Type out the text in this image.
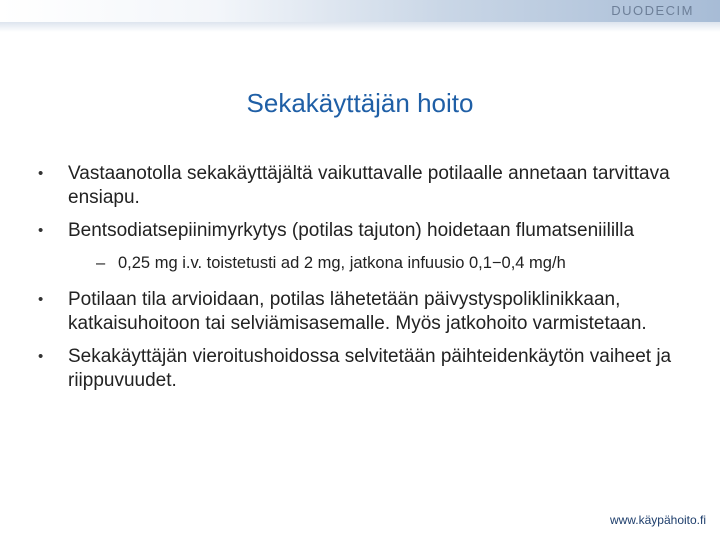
DUODECIM
Sekakäyttäjän hoito
• Vastaanotolla sekakäyttäjältä vaikuttavalle potilaalle annetaan tarvittava ensiapu.
• Bentsodiatsepiinimyrkytys (potilas tajuton) hoidetaan flumatseniililla
– 0,25 mg i.v. toistetusti ad 2 mg, jatkona infuusio 0,1−0,4 mg/h
• Potilaan tila arvioidaan, potilas lähetetään päivystyspoliklinikkaan, katkaisuhoitoon tai selviämisasemalle. Myös jatkohoito varmistetaan.
• Sekakäyttäjän vieroitushoidossa selvitetään päihteidenkäytön vaiheet ja riippuvuudet.
www.käypähoito.fi
